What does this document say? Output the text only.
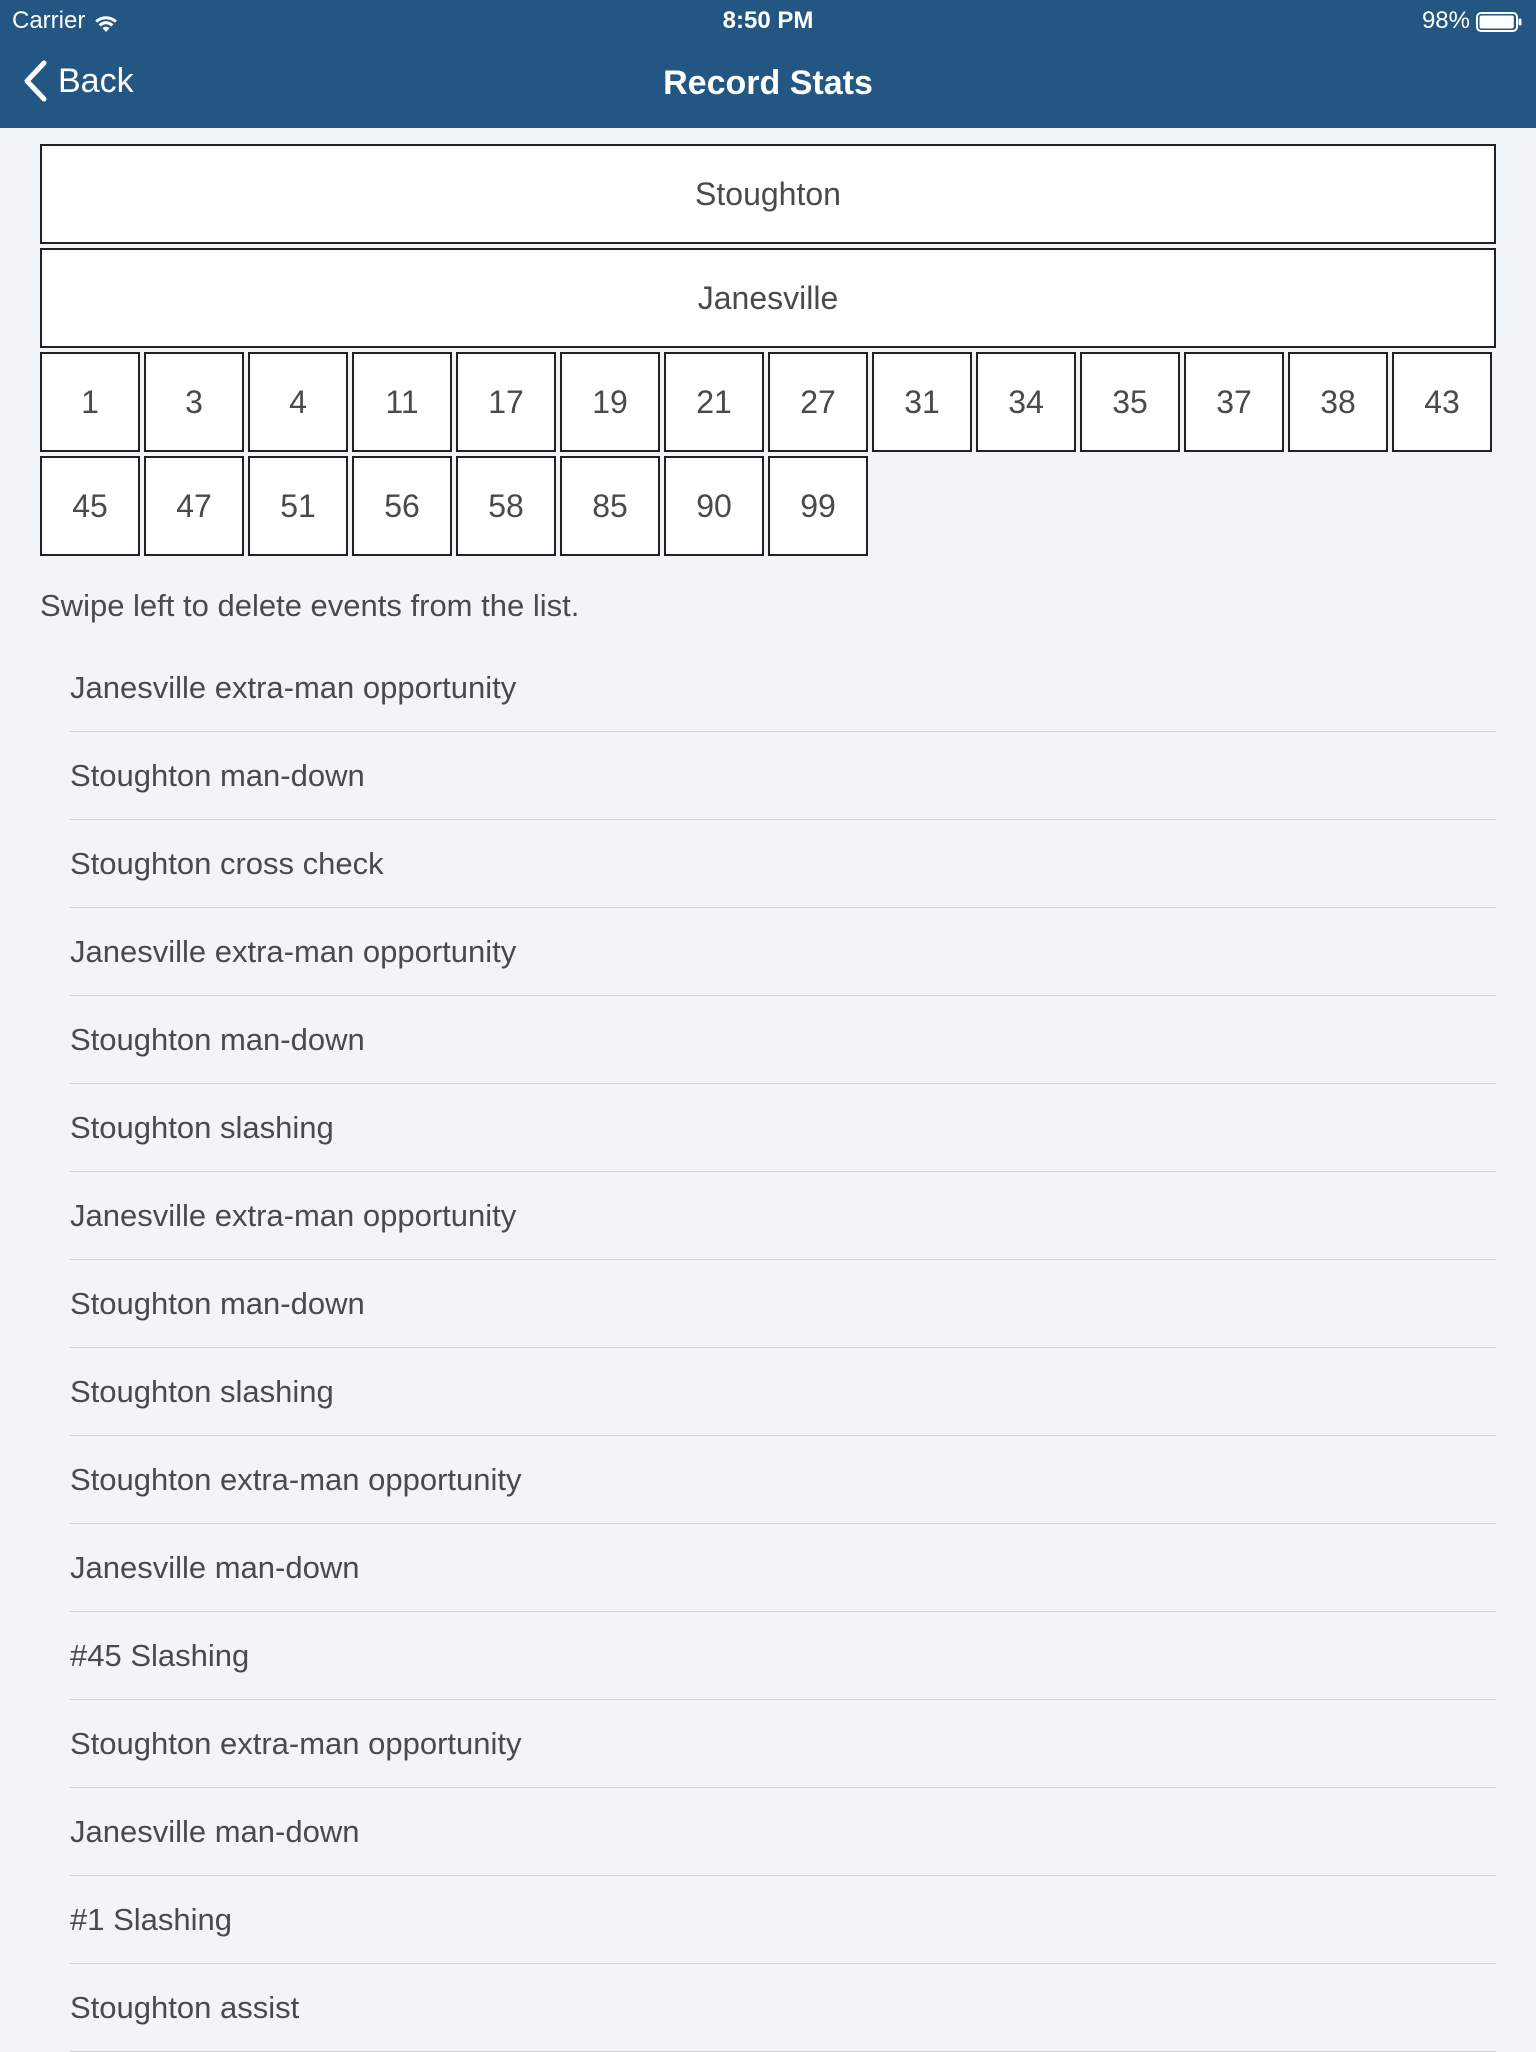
Carrier	8:50 PM	98%
Back	Record Stats
Stoughton
Janesville
1	3	4	11	17	19	21	27	31	34	35	37	38	43
45	47	51	56	58	85	90	99
Swipe left to delete events from the list.
Janesville extra-man opportunity
Stoughton man-down
Stoughton cross check
Janesville extra-man opportunity
Stoughton man-down
Stoughton slashing
Janesville extra-man opportunity
Stoughton man-down
Stoughton slashing
Stoughton extra-man opportunity
Janesville man-down
#45 Slashing
Stoughton extra-man opportunity
Janesville man-down
#1 Slashing
Stoughton assist
